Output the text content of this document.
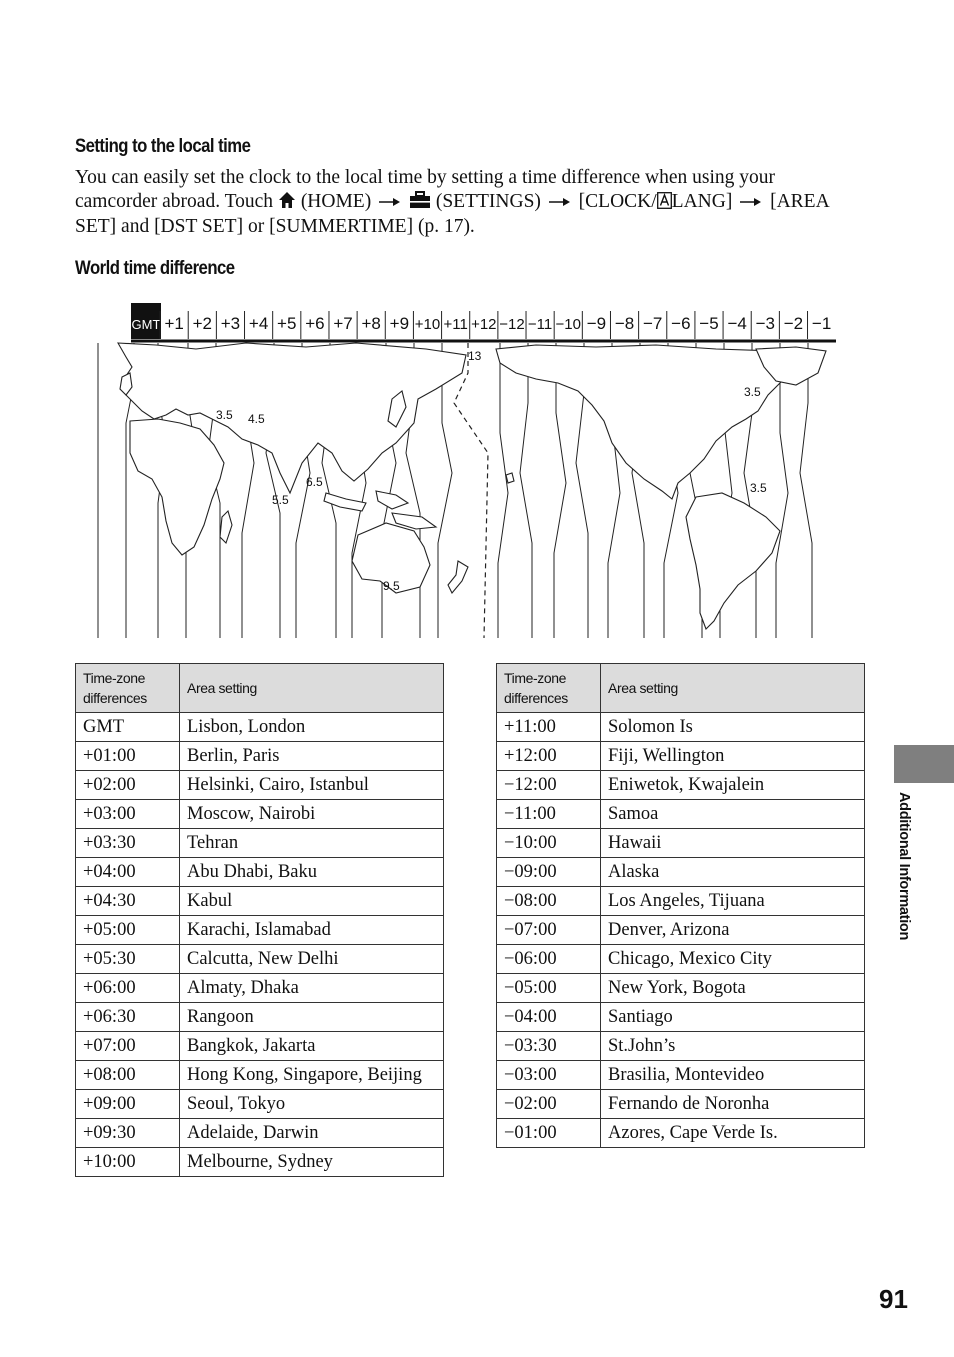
Setting to the local time
You can easily set the clock to the local time by setting a time difference when using your camcorder abroad. Touch (HOME)	(SETTINGS) [CLOCK/ LANG] [AREA SET] and [DST SET] or [SUMMERTIME] (p. 17).
World time difference
GMT +1 +2 +3 +4 +5 +6 +7 +8 +9 +10 +11 +12 −12 −11 −10 −9 −8 −7 −6 −5 −4 −3 −2 −1
3.5 4.5
5.5
6.5
9.5
13
3.5
3.5
Time-zone differences	Area setting
GMT	Lisbon, London
+01:00	Berlin, Paris
+02:00	Helsinki, Cairo, Istanbul
+03:00	Moscow, Nairobi
+03:30	Tehran
+04:00	Abu Dhabi, Baku
+04:30	Kabul
+05:00	Karachi, Islamabad
+05:30	Calcutta, New Delhi
+06:00	Almaty, Dhaka
+06:30	Rangoon
+07:00	Bangkok, Jakarta
+08:00	Hong Kong, Singapore, Beijing
+09:00	Seoul, Tokyo
+09:30	Adelaide, Darwin
+10:00	Melbourne, Sydney
Time-zone differences	Area setting
+11:00	Solomon Is
+12:00	Fiji, Wellington
−12:00	Eniwetok, Kwajalein
−11:00	Samoa
−10:00	Hawaii
−09:00	Alaska
−08:00	Los Angeles, Tijuana
−07:00	Denver, Arizona
−06:00	Chicago, Mexico City
−05:00	New York, Bogota
−04:00	Santiago
−03:30	St.John’s
−03:00	Brasilia, Montevideo
−02:00	Fernando de Noronha
−01:00	Azores, Cape Verde Is.
Additional Information
91
